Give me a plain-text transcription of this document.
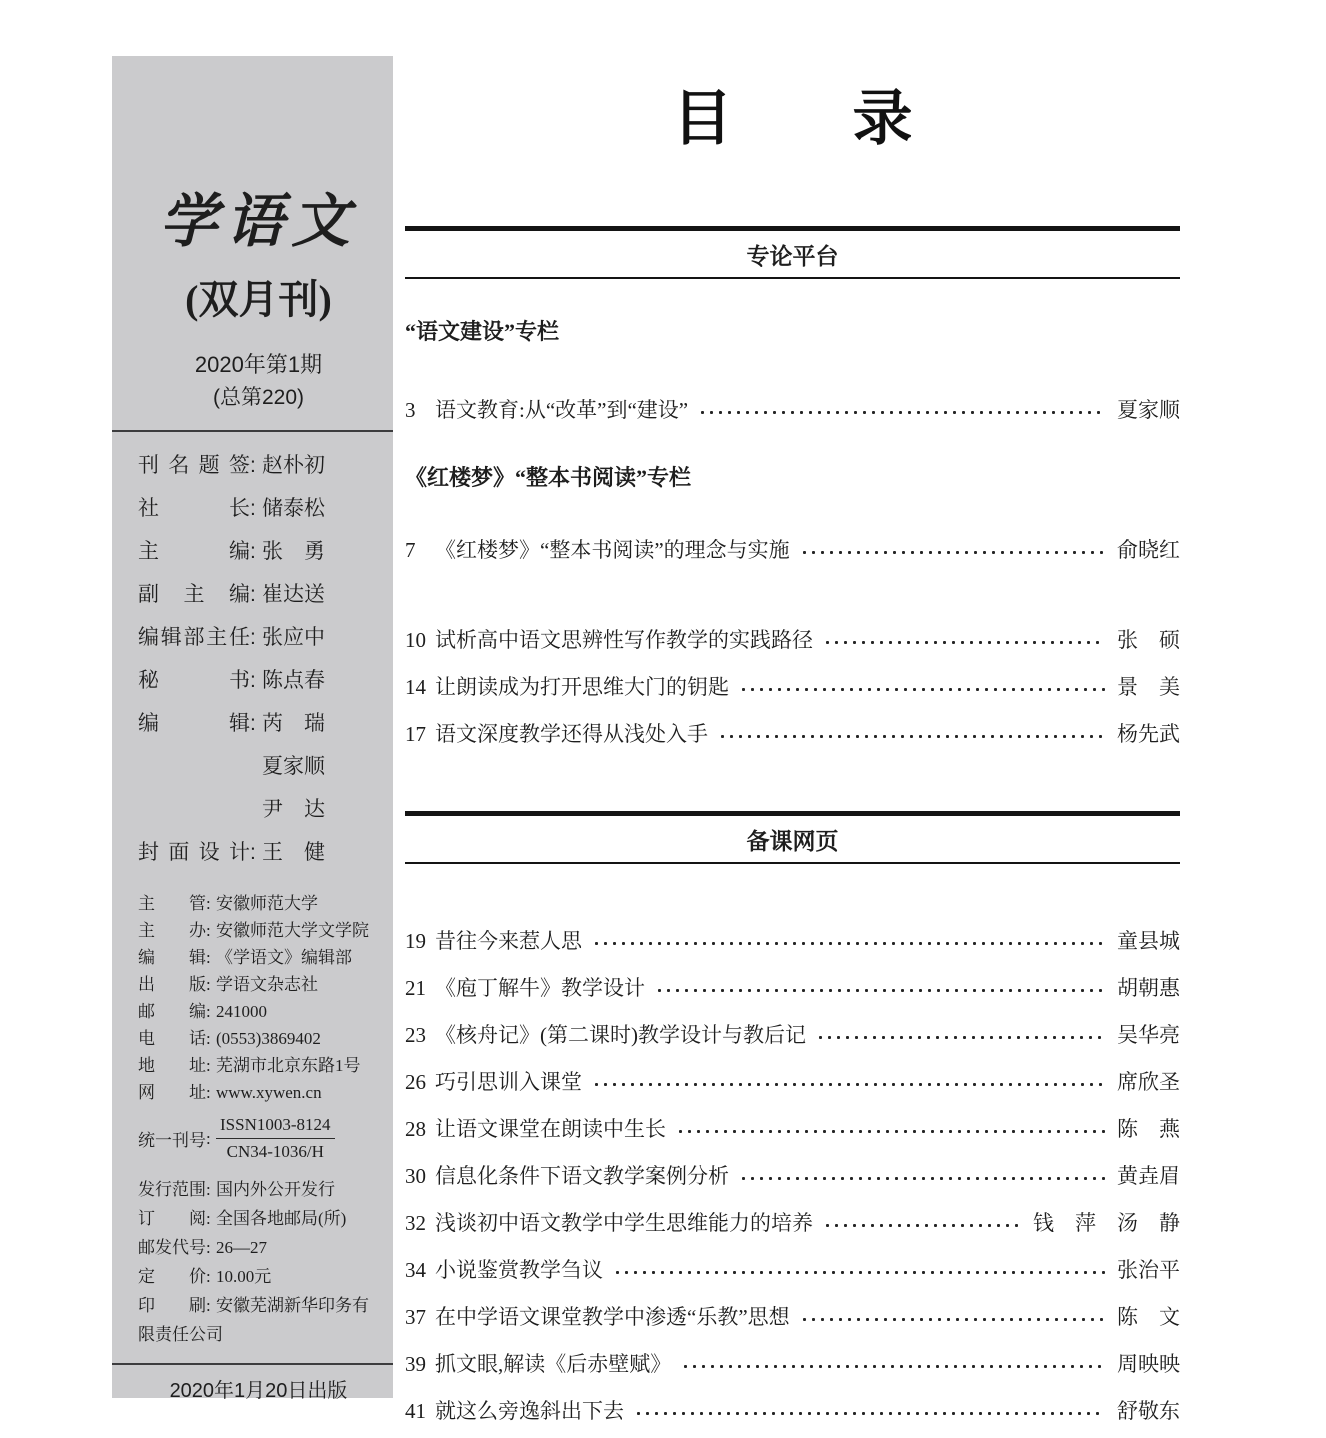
学语文
(双月刊)
2020年第1期
(总第220)
刊名题签: 赵朴初
社长: 储泰松
主编: 张　勇
副主编: 崔达送
编辑部主任: 张应中
秘书: 陈点春
编辑: 芮　瑞
夏家顺
尹　达
封面设计: 王　健
主管: 安徽师范大学
主办: 安徽师范大学文学院
编辑: 《学语文》编辑部
出版: 学语文杂志社
邮编: 241000
电话: (0553)3869402
地址: 芜湖市北京东路1号
网址: www.xywen.cn
统一刊号 : $\frac{\text{ISSN1003-8124}}{CN34-1036/H}$
发行范围: 国内外公开发行
订阅: 全国各地邮局(所)
邮发代号: 26—27
定价: 10.00元
印刷: 安徽芜湖新华印务有限责任公司
2020年1月20日出版
目　　录
专论平台
“语文建设”专栏
3 语文教育:从“改革”到“建设”	夏家顺
《红楼梦》“整本书阅读”专栏
7 《红楼梦》“整本书阅读”的理念与实施	俞晓红
10 试析高中语文思辨性写作教学的实践路径	张　硕
14 让朗读成为打开思维大门的钥匙	景　美
17 语文深度教学还得从浅处入手	杨先武
备课网页
19 昔往今来惹人思	童县城
21 《庖丁解牛》教学设计	胡朝惠
23 《核舟记》(第二课时)教学设计与教后记	吴华亮
26 巧引思训入课堂	席欣圣
28 让语文课堂在朗读中生长	陈　燕
30 信息化条件下语文教学案例分析	黄垚眉
32 浅谈初中语文教学中学生思维能力的培养	钱　萍　汤　静
34 小说鉴赏教学刍议	张治平
37 在中学语文课堂教学中渗透“乐教”思想	陈　文
39 抓文眼,解读《后赤壁赋》	周映映
41 就这么旁逸斜出下去	舒敬东
